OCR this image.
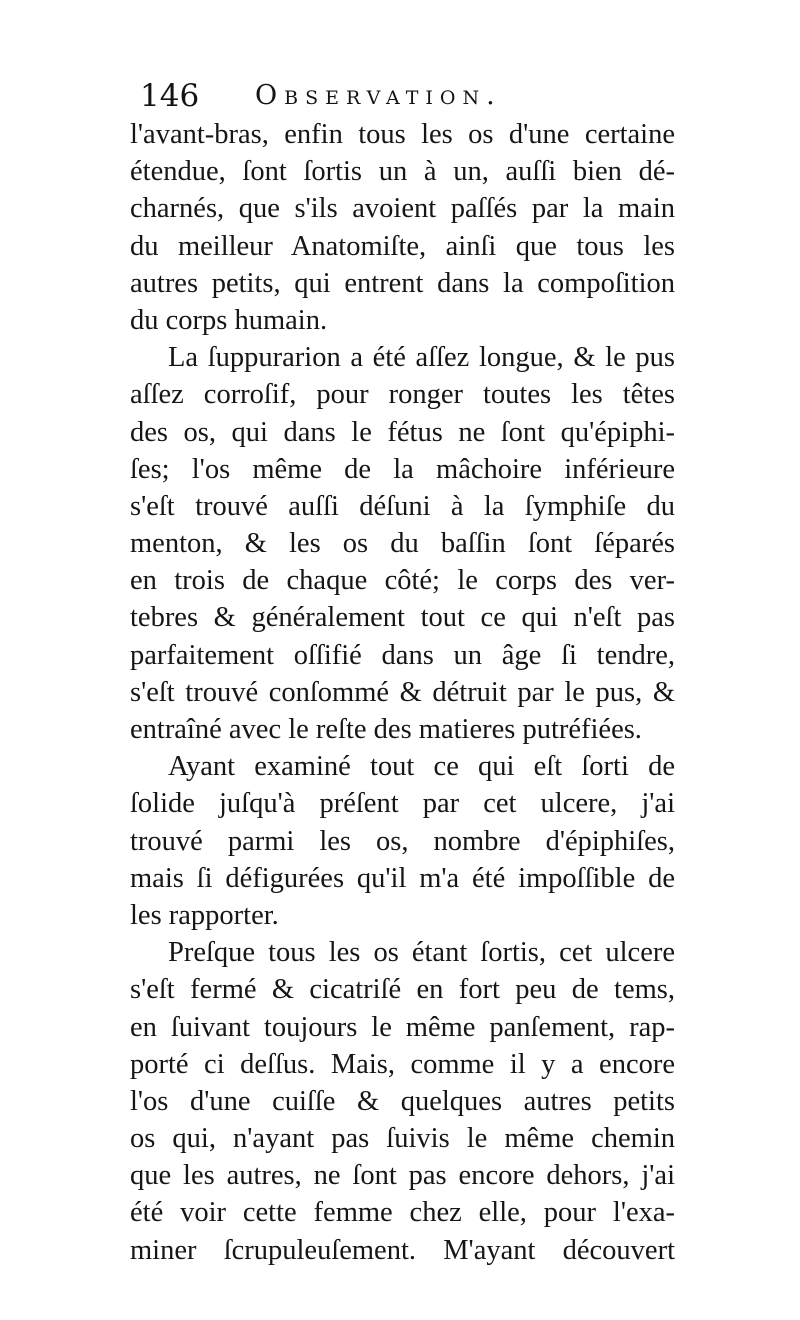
146 Observation.
l'avant-bras, enfin tous les os d'une certaine
étendue, ſont ſortis un à un, auſſi bien dé-
charnés, que s'ils avoient paſſés par la main
du meilleur Anatomiſte, ainſi que tous les
autres petits, qui entrent dans la compoſition
du corps humain.
La ſuppurarion a été aſſez longue, & le pus
aſſez corroſif, pour ronger toutes les têtes
des os, qui dans le fétus ne ſont qu'épiphi-
ſes; l'os même de la mâchoire inférieure
s'eſt trouvé auſſi déſuni à la ſymphiſe du
menton, & les os du baſſin ſont ſéparés
en trois de chaque côté; le corps des ver-
tebres & généralement tout ce qui n'eſt pas
parfaitement oſſifié dans un âge ſi tendre,
s'eſt trouvé conſommé & détruit par le pus, &
entraîné avec le reſte des matieres putréfiées.
Ayant examiné tout ce qui eſt ſorti de
ſolide juſqu'à préſent par cet ulcere, j'ai
trouvé parmi les os, nombre d'épiphiſes,
mais ſi défigurées qu'il m'a été impoſſible de
les rapporter.
Preſque tous les os étant ſortis, cet ulcere
s'eſt fermé & cicatriſé en fort peu de tems,
en ſuivant toujours le même panſement, rap-
porté ci deſſus. Mais, comme il y a encore
l'os d'une cuiſſe & quelques autres petits
os qui, n'ayant pas ſuivis le même chemin
que les autres, ne ſont pas encore dehors, j'ai
été voir cette femme chez elle, pour l'exa-
miner ſcrupuleuſement. M'ayant découvert
